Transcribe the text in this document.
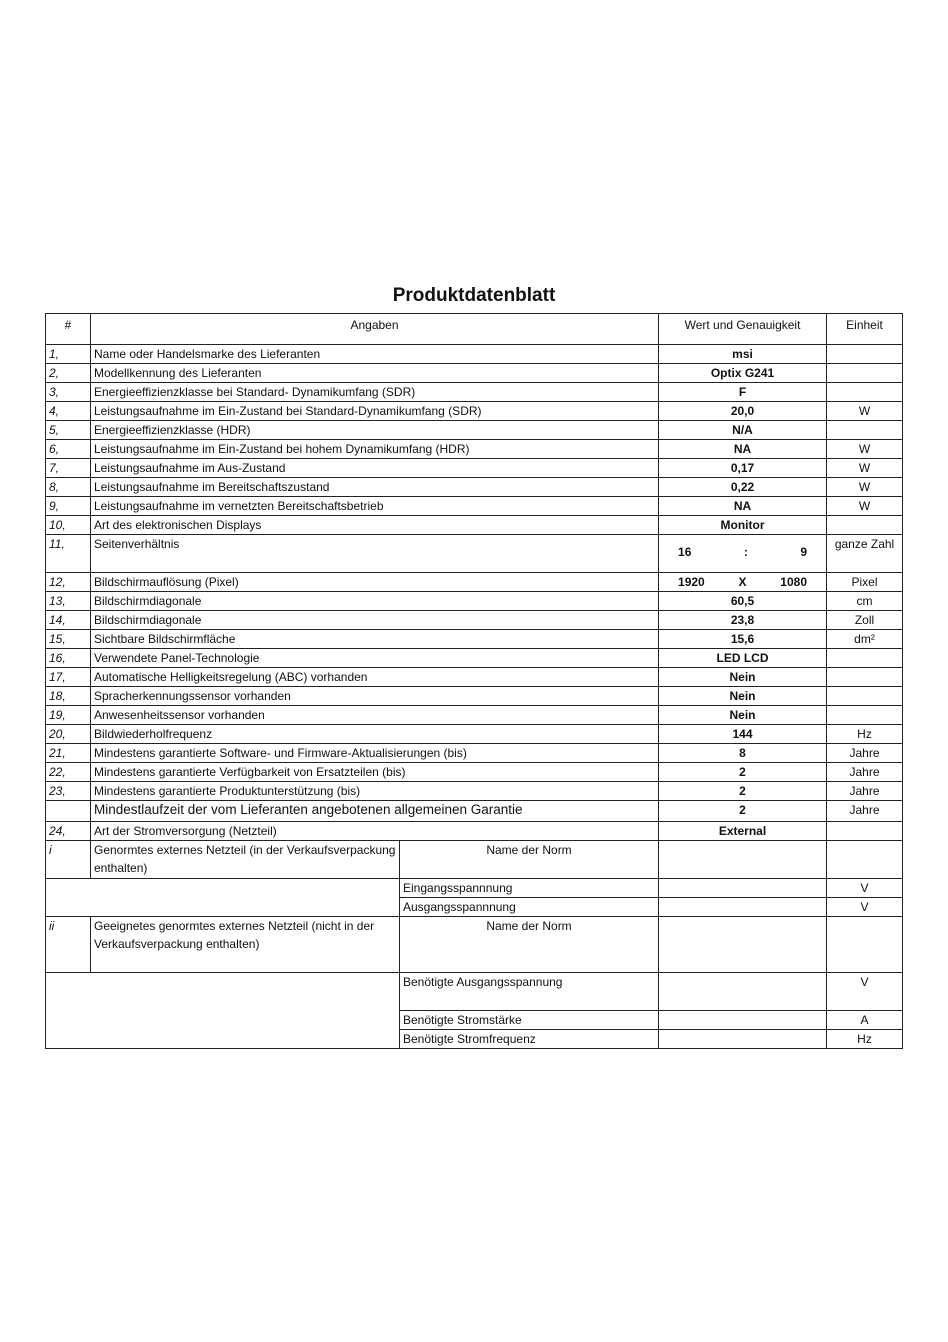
Produktdatenblatt
#	Angaben		Wert und Genauigkeit	Einheit
1,	Name oder Handelsmarke des Lieferanten		msi	
2,	Modellkennung des Lieferanten		Optix G241	
3,	Energieeffizienzklasse bei Standard- Dynamikumfang (SDR)		F	
4,	Leistungsaufnahme im Ein-Zustand bei Standard-Dynamikumfang (SDR)		20,0	W
5,	Energieeffizienzklasse (HDR)		N/A	
6,	Leistungsaufnahme im Ein-Zustand bei hohem Dynamikumfang (HDR)		NA	W
7,	Leistungsaufnahme im Aus-Zustand		0,17	W
8,	Leistungsaufnahme im Bereitschaftszustand		0,22	W
9,	Leistungsaufnahme im vernetzten Bereitschaftsbetrieb		NA	W
10,	Art des elektronischen Displays		Monitor	
11,	Seitenverhältnis		16 : 9	ganze Zahl
12,	Bildschirmauflösung (Pixel)		1920 X 1080	Pixel
13,	Bildschirmdiagonale		60,5	cm
14,	Bildschirmdiagonale		23,8	Zoll
15,	Sichtbare Bildschirmfläche		15,6	dm²
16,	Verwendete Panel-Technologie		LED LCD	
17,	Automatische Helligkeitsregelung (ABC) vorhanden		Nein	
18,	Spracherkennungssensor vorhanden		Nein	
19,	Anwesenheitssensor vorhanden		Nein	
20,	Bildwiederholfrequenz		144	Hz
21,	Mindestens garantierte Software- und Firmware-Aktualisierungen (bis)		8	Jahre
22,	Mindestens garantierte Verfügbarkeit von Ersatzteilen (bis)		2	Jahre
23,	Mindestens garantierte Produktunterstützung (bis)		2	Jahre
	Mindestlaufzeit der vom Lieferanten angebotenen allgemeinen Garantie		2	Jahre
24,	Art der Stromversorgung (Netzteil)		External	
i	Genormtes externes Netzteil (in der Verkaufsverpackung enthalten)	Name der Norm		
		Eingangsspannnung		V
		Ausgangsspannnung		V
ii	Geeignetes genormtes externes Netzteil (nicht in der Verkaufsverpackung enthalten)	Name der Norm		
		Benötigte Ausgangsspannung		V
		Benötigte Stromstärke		A
		Benötigte Stromfrequenz		Hz
